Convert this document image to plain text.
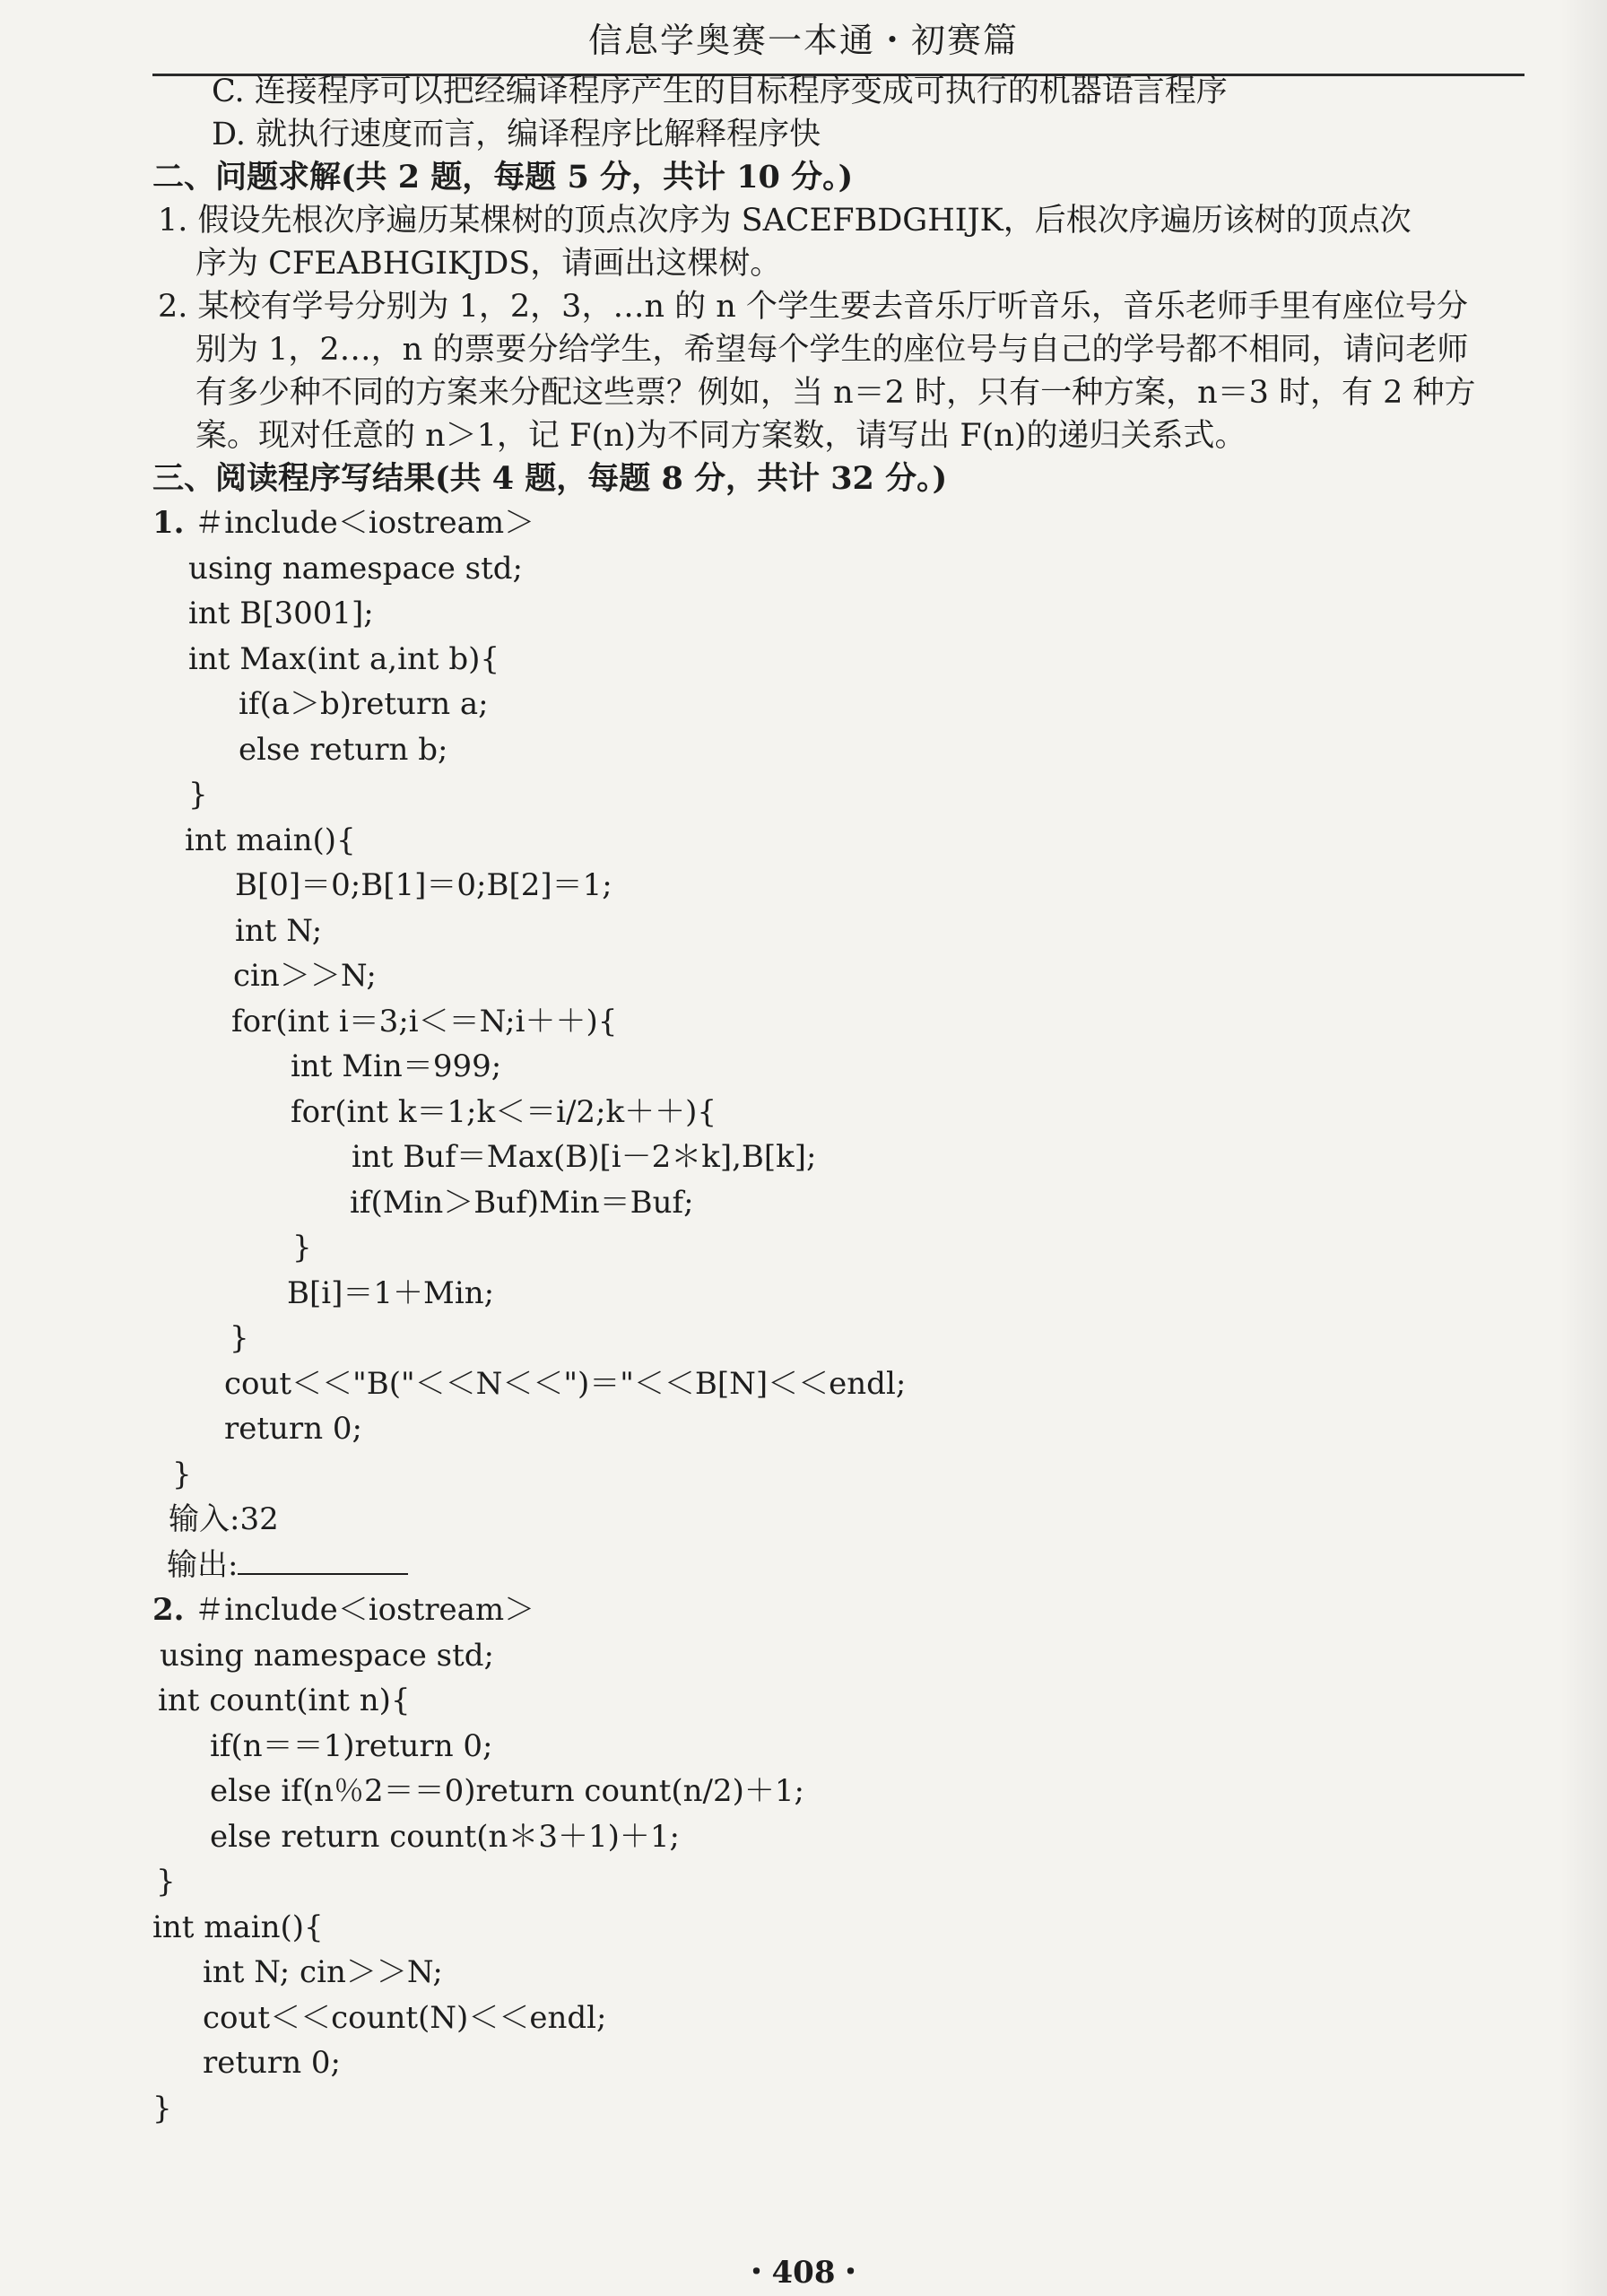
信息学奥赛一本通・初赛篇
C. 连接程序可以把经编译程序产生的目标程序变成可执行的机器语言程序
D. 就执行速度而言，编译程序比解释程序快
二、问题求解(共 2 题，每题 5 分，共计 10 分。)
1. 假设先根次序遍历某棵树的顶点次序为 SACEFBDGHIJK，后根次序遍历该树的顶点次
序为 CFEABHGIKJDS，请画出这棵树。
2. 某校有学号分别为 1，2，3，…n 的 n 个学生要去音乐厅听音乐，音乐老师手里有座位号分
别为 1，2…，n 的票要分给学生，希望每个学生的座位号与自己的学号都不相同，请问老师
有多少种不同的方案来分配这些票？例如，当 n＝2 时，只有一种方案，n＝3 时，有 2 种方
案。现对任意的 n＞1，记 F(n)为不同方案数，请写出 F(n)的递归关系式。
三、阅读程序写结果(共 4 题，每题 8 分，共计 32 分。)
1. ＃include＜iostream＞
using namespace std;
int B[3001];
int Max(int a,int b){
if(a＞b)return a;
else return b;
}
int main(){
B[0]＝0;B[1]＝0;B[2]＝1;
int N;
cin＞＞N;
for(int i＝3;i＜＝N;i＋＋){
int Min＝999;
for(int k＝1;k＜＝i/2;k＋＋){
int Buf＝Max(B)[i－2＊k],B[k];
if(Min＞Buf)Min＝Buf;
}
B[i]＝1＋Min;
}
cout＜＜"B("＜＜N＜＜")＝"＜＜B[N]＜＜endl;
return 0;
}
输入:32
输出:
2. ＃include＜iostream＞
using namespace std;
int count(int n){
if(n＝＝1)return 0;
else if(n％2＝＝0)return count(n/2)＋1;
else return count(n＊3＋1)＋1;
}
int main(){
int N; cin＞＞N;
cout＜＜count(N)＜＜endl;
return 0;
}
・408・
